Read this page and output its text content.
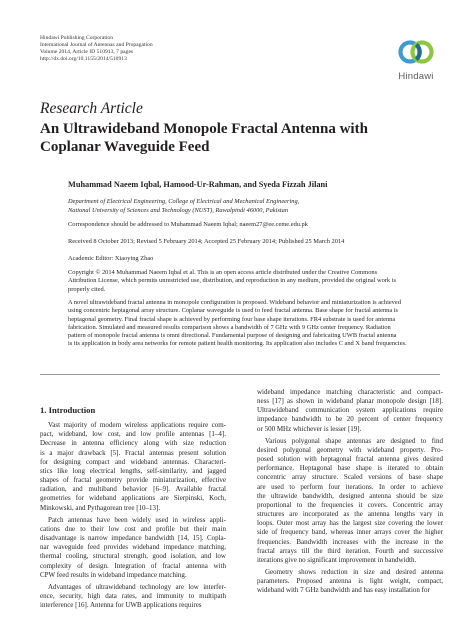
Hindawi Publishing Corporation
International Journal of Antennas and Propagation
Volume 2014, Article ID 510913, 7 pages
http://dx.doi.org/10.1155/2014/510913
Hindawi
Research Article
An Ultrawideband Monopole Fractal Antenna with
Coplanar Waveguide Feed
Muhammad Naeem Iqbal, Hamood-Ur-Rahman, and Syeda Fizzah Jilani
Department of Electrical Engineering, College of Electrical and Mechanical Engineering,
National University of Sciences and Technology (NUST), Rawalpindi 46000, Pakistan
Correspondence should be addressed to Muhammad Naeem Iqbal; naeem27@ee.ceme.edu.pk
Received 8 October 2013; Revised 5 February 2014; Accepted 25 February 2014; Published 25 March 2014
Academic Editor: Xiaoying Zhao
Copyright © 2014 Muhammad Naeem Iqbal et al. This is an open access article distributed under the Creative Commons
Attribution License, which permits unrestricted use, distribution, and reproduction in any medium, provided the original work is
properly cited.
A novel ultrawideband fractal antenna in monopole configuration is proposed. Wideband behavior and miniaturization is achieved
using concentric heptagonal array structure. Coplanar waveguide is used to feed fractal antenna. Base shape for fractal antenna is
heptagonal geometry. Final fractal shape is achieved by performing four base shape iterations. FR4 substrate is used for antenna
fabrication. Simulated and measured results comparison shows a bandwidth of 7 GHz with 9 GHz center frequency. Radiation
pattern of monopole fractal antenna is omni directional. Fundamental purpose of designing and fabricating UWB fractal antenna
is its application in body area networks for remote patient health monitoring. Its application also includes C and X band frequencies.
1. Introduction
Vast majority of modern wireless applications require com-
pact, wideband, low cost, and low profile antennas [1–4].
Decrease in antenna efficiency along with size reduction
is a major drawback [5]. Fractal antennas present solution
for designing compact and wideband antennas. Characteri-
stics like long electrical lengths, self-similarity, and jagged
shapes of fractal geometry provide miniaturization, effective
radiation, and multiband behavior [6–9]. Available fractal
geometries for wideband applications are Sierpinski, Koch,
Minkowski, and Pythagorean tree [10–13].
Patch antennas have been widely used in wireless appli-
cations due to their low cost and profile but their main
disadvantage is narrow impedance bandwidth [14, 15]. Copla-
nar waveguide feed provides wideband impedance matching,
thermal cooling, structural strength, good isolation, and low
complexity of design. Integration of fractal antenna with
CPW feed results in wideband impedance matching.
Advantages of ultrawideband technology are low interfer-
ence, security, high data rates, and immunity to multipath
interference [16]. Antenna for UWB applications requires
wideband impedance matching characteristic and compact-
ness [17] as shown in wideband planar monopole design [18].
Ultrawideband communication system applications require
impedance bandwidth to be 20 percent of center frequency
or 500 MHz whichever is lesser [19].
Various polygonal shape antennas are designed to find
desired polygonal geometry with wideband property. Pro-
posed solution with heptagonal fractal antenna gives desired
performance. Heptagonal base shape is iterated to obtain
concentric array structure. Scaled versions of base shape
are used to perform four iterations. In order to achieve
the ultrawide bandwidth, designed antenna should be size
proportional to the frequencies it covers. Concentric array
structures are incorporated as the antenna lengths vary in
loops. Outer most array has the largest size covering the lower
side of frequency band, whereas inner arrays cover the higher
frequencies. Bandwidth increases with the increase in the
fractal arrays till the third iteration. Fourth and successive
iterations give no significant improvement in bandwidth.
Geometry shows reduction in size and desired antenna
parameters. Proposed antenna is light weight, compact,
wideband with 7 GHz bandwidth and has easy installation for
